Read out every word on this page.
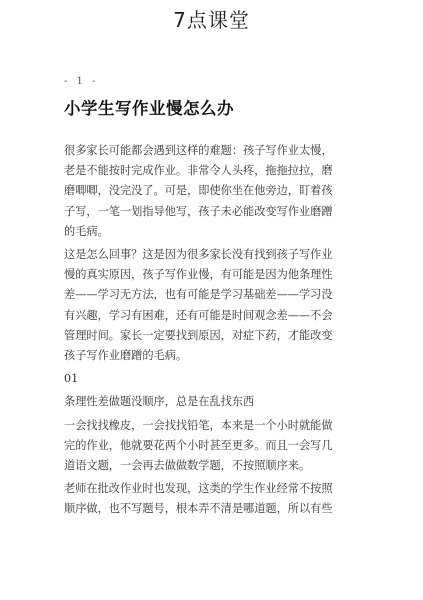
7点课堂
- 1 -
小学生写作业慢怎么办
很多家长可能都会遇到这样的难题：孩子写作业太慢，
老是不能按时完成作业。非常令人头疼，拖拖拉拉，磨
磨唧唧，没完没了。可是，即使你坐在他旁边，盯着孩
子写，一笔一划指导他写，孩子未必能改变写作业磨蹭
的毛病。
这是怎么回事？这是因为很多家长没有找到孩子写作业
慢的真实原因，孩子写作业慢，有可能是因为他条理性
差——学习无方法，也有可能是学习基础差——学习没
有兴趣，学习有困难，还有可能是时间观念差——不会
管理时间。家长一定要找到原因，对症下药，才能改变
孩子写作业磨蹭的毛病。
01
条理性差做题没顺序，总是在乱找东西
一会找找橡皮，一会找找铅笔，本来是一个小时就能做
完的作业，他就要花两个小时甚至更多。而且一会写几
道语文题，一会再去做做数学题，不按照顺序来。
老师在批改作业时也发现，这类的学生作业经常不按照
顺序做，也不写题号，根本弄不清是哪道题，所以有些
